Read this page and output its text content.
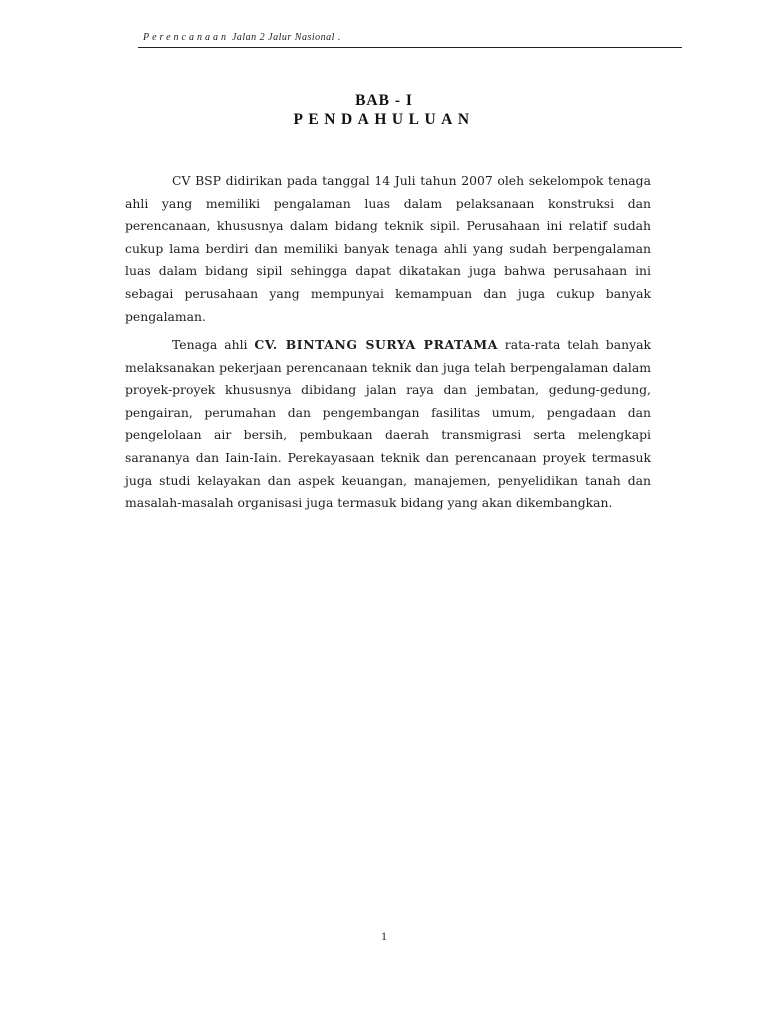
Perencanaan Jalan 2 Jalur Nasional .
BAB - I
PENDAHULUAN

CV BSP didirikan pada tanggal 14 Juli tahun 2007 oleh sekelompok tenaga ahli yang memiliki pengalaman luas dalam pelaksanaan konstruksi dan perencanaan, khususnya dalam bidang teknik sipil. Perusahaan ini relatif sudah cukup lama berdiri dan memiliki banyak tenaga ahli yang sudah berpengalaman luas dalam bidang sipil sehingga dapat dikatakan juga bahwa perusahaan ini sebagai perusahaan yang mempunyai kemampuan dan juga cukup banyak pengalaman.

Tenaga ahli CV. BINTANG SURYA PRATAMA rata-rata telah banyak melaksanakan pekerjaan perencanaan teknik dan juga telah berpengalaman dalam proyek-proyek khususnya dibidang jalan raya dan jembatan, gedung-gedung, pengairan, perumahan dan pengembangan fasilitas umum, pengadaan dan pengelolaan air bersih, pembukaan daerah transmigrasi serta melengkapi sarananya dan Iain-Iain. Perekayasaan teknik dan perencanaan proyek termasuk juga studi kelayakan dan aspek keuangan, manajemen, penyelidikan tanah dan masalah-masalah organisasi juga termasuk bidang yang akan dikembangkan.

1
